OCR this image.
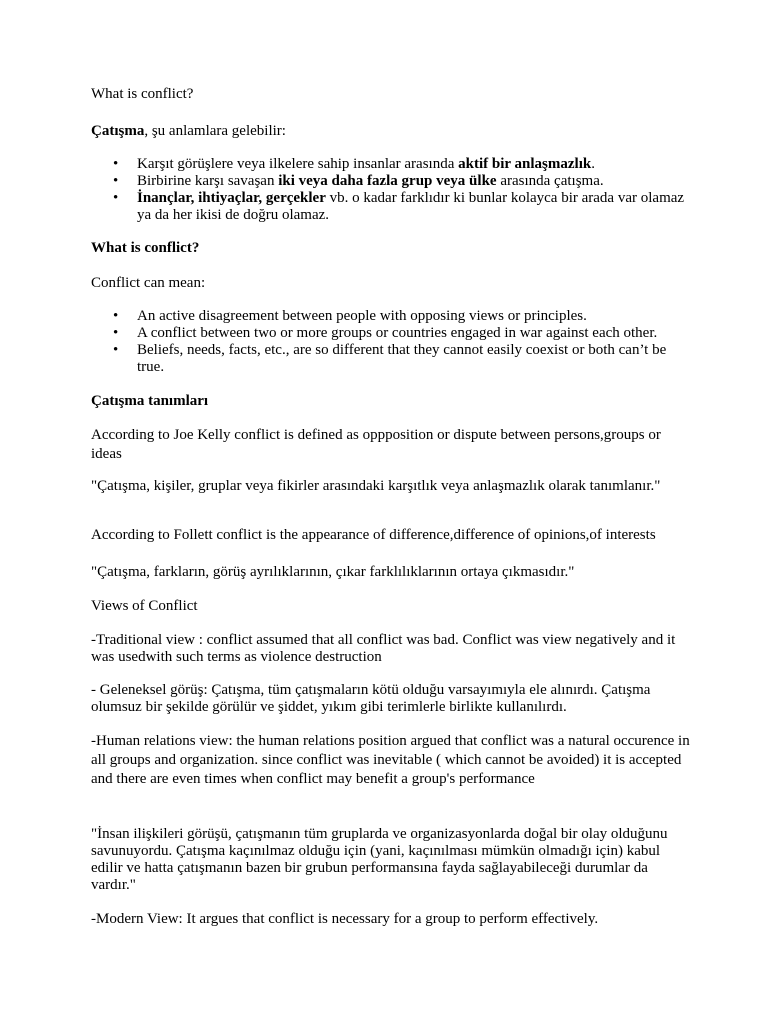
What is conflict?

Çatışma, şu anlamlara gelebilir:

• Karşıt görüşlere veya ilkelere sahip insanlar arasında aktif bir anlaşmazlık.
• Birbirine karşı savaşan iki veya daha fazla grup veya ülke arasında çatışma.
• İnançlar, ihtiyaçlar, gerçekler vb. o kadar farklıdır ki bunlar kolayca bir arada var olamaz ya da her ikisi de doğru olamaz.

What is conflict?

Conflict can mean:

• An active disagreement between people with opposing views or principles.
• A conflict between two or more groups or countries engaged in war against each other.
• Beliefs, needs, facts, etc., are so different that they cannot easily coexist or both can’t be true.

Çatışma tanımları

According to Joe Kelly conflict is defined as oppposition or dispute between persons,groups or ideas

"Çatışma, kişiler, gruplar veya fikirler arasındaki karşıtlık veya anlaşmazlık olarak tanımlanır."

According to Follett conflict is the appearance of difference,difference of opinions,of interests

"Çatışma, farkların, görüş ayrılıklarının, çıkar farklılıklarının ortaya çıkmasıdır."

Views of Conflict

-Traditional view : conflict assumed that all conflict was bad. Conflict was view negatively and it was usedwith such terms as violence destruction

- Geleneksel görüş: Çatışma, tüm çatışmaların kötü olduğu varsayımıyla ele alınırdı. Çatışma olumsuz bir şekilde görülür ve şiddet, yıkım gibi terimlerle birlikte kullanılırdı.

-Human relations view: the human relations position argued that conflict was a natural occurence in all groups and organization. since conflict was inevitable ( which cannot be avoided) it is accepted and there are even times when conflict may benefit a group's performance

"İnsan ilişkileri görüşü, çatışmanın tüm gruplarda ve organizasyonlarda doğal bir olay olduğunu savunuyordu. Çatışma kaçınılmaz olduğu için (yani, kaçınılması mümkün olmadığı için) kabul edilir ve hatta çatışmanın bazen bir grubun performansına fayda sağlayabileceği durumlar da vardır."

-Modern View: It argues that conflict is necessary for a group to perform effectively.
